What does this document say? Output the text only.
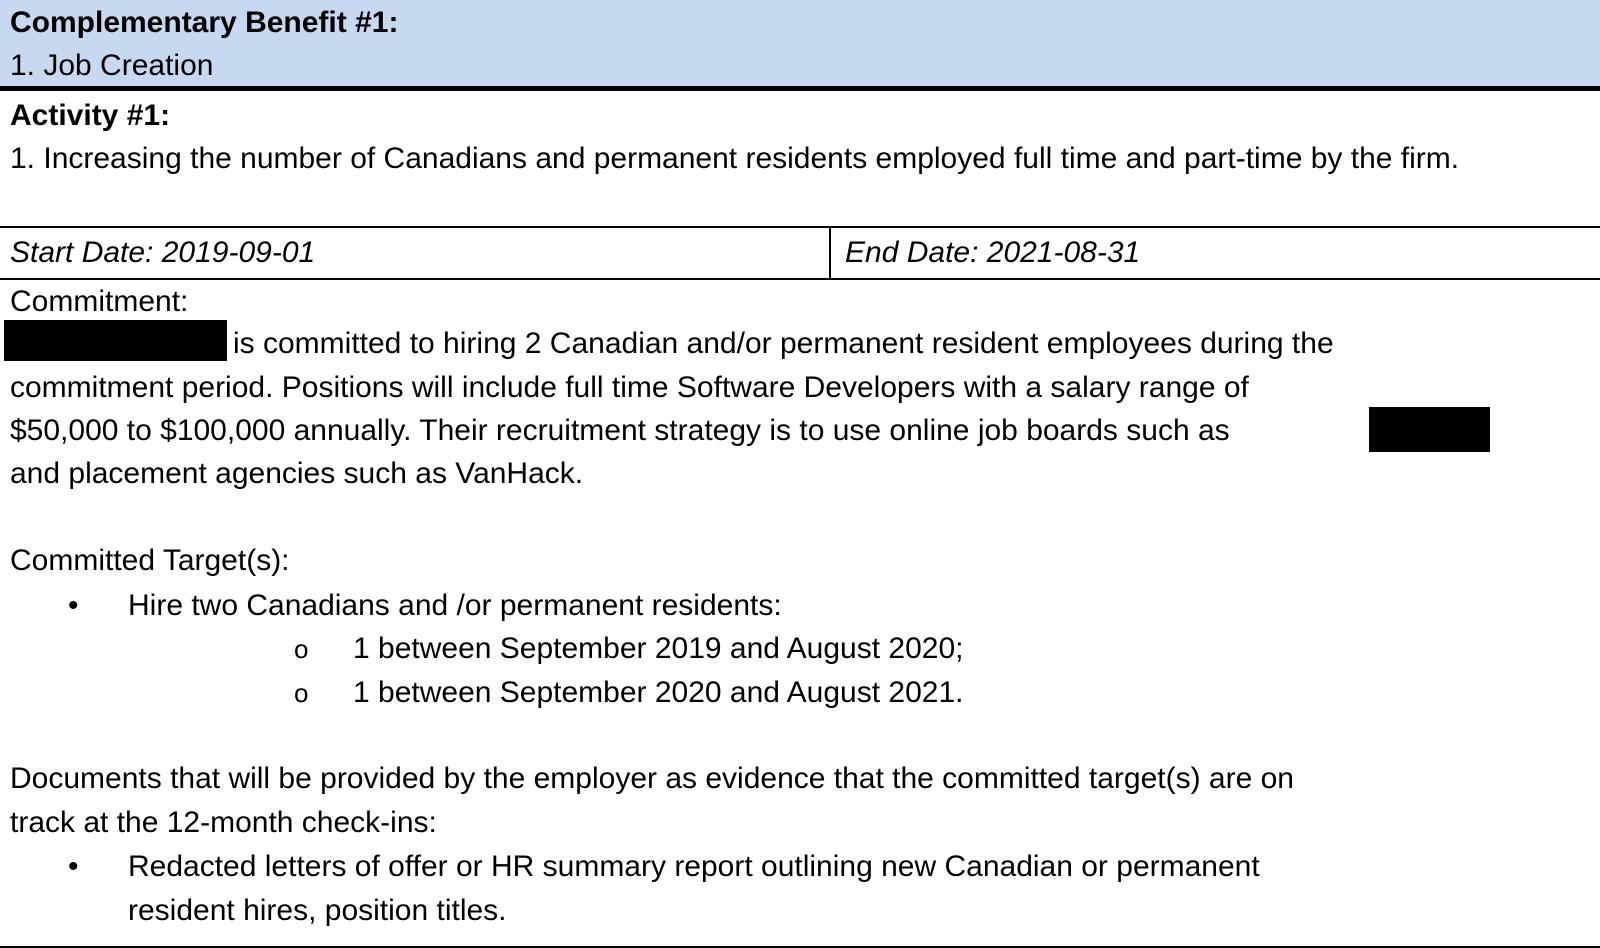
Complementary Benefit #1:
1. Job Creation
Activity #1:
1. Increasing the number of Canadians and permanent residents employed full time and part-time by the firm.
Start Date: 2019-09-01	End Date: 2021-08-31
Commitment:
is committed to hiring 2 Canadian and/or permanent resident employees during the
commitment period. Positions will include full time Software Developers with a salary range of
$50,000 to $100,000 annually. Their recruitment strategy is to use online job boards such as
and placement agencies such as VanHack.
Committed Target(s):
• Hire two Canadians and /or permanent residents:
o 1 between September 2019 and August 2020;
o 1 between September 2020 and August 2021.
Documents that will be provided by the employer as evidence that the committed target(s) are on
track at the 12-month check-ins:
• Redacted letters of offer or HR summary report outlining new Canadian or permanent
resident hires, position titles.
